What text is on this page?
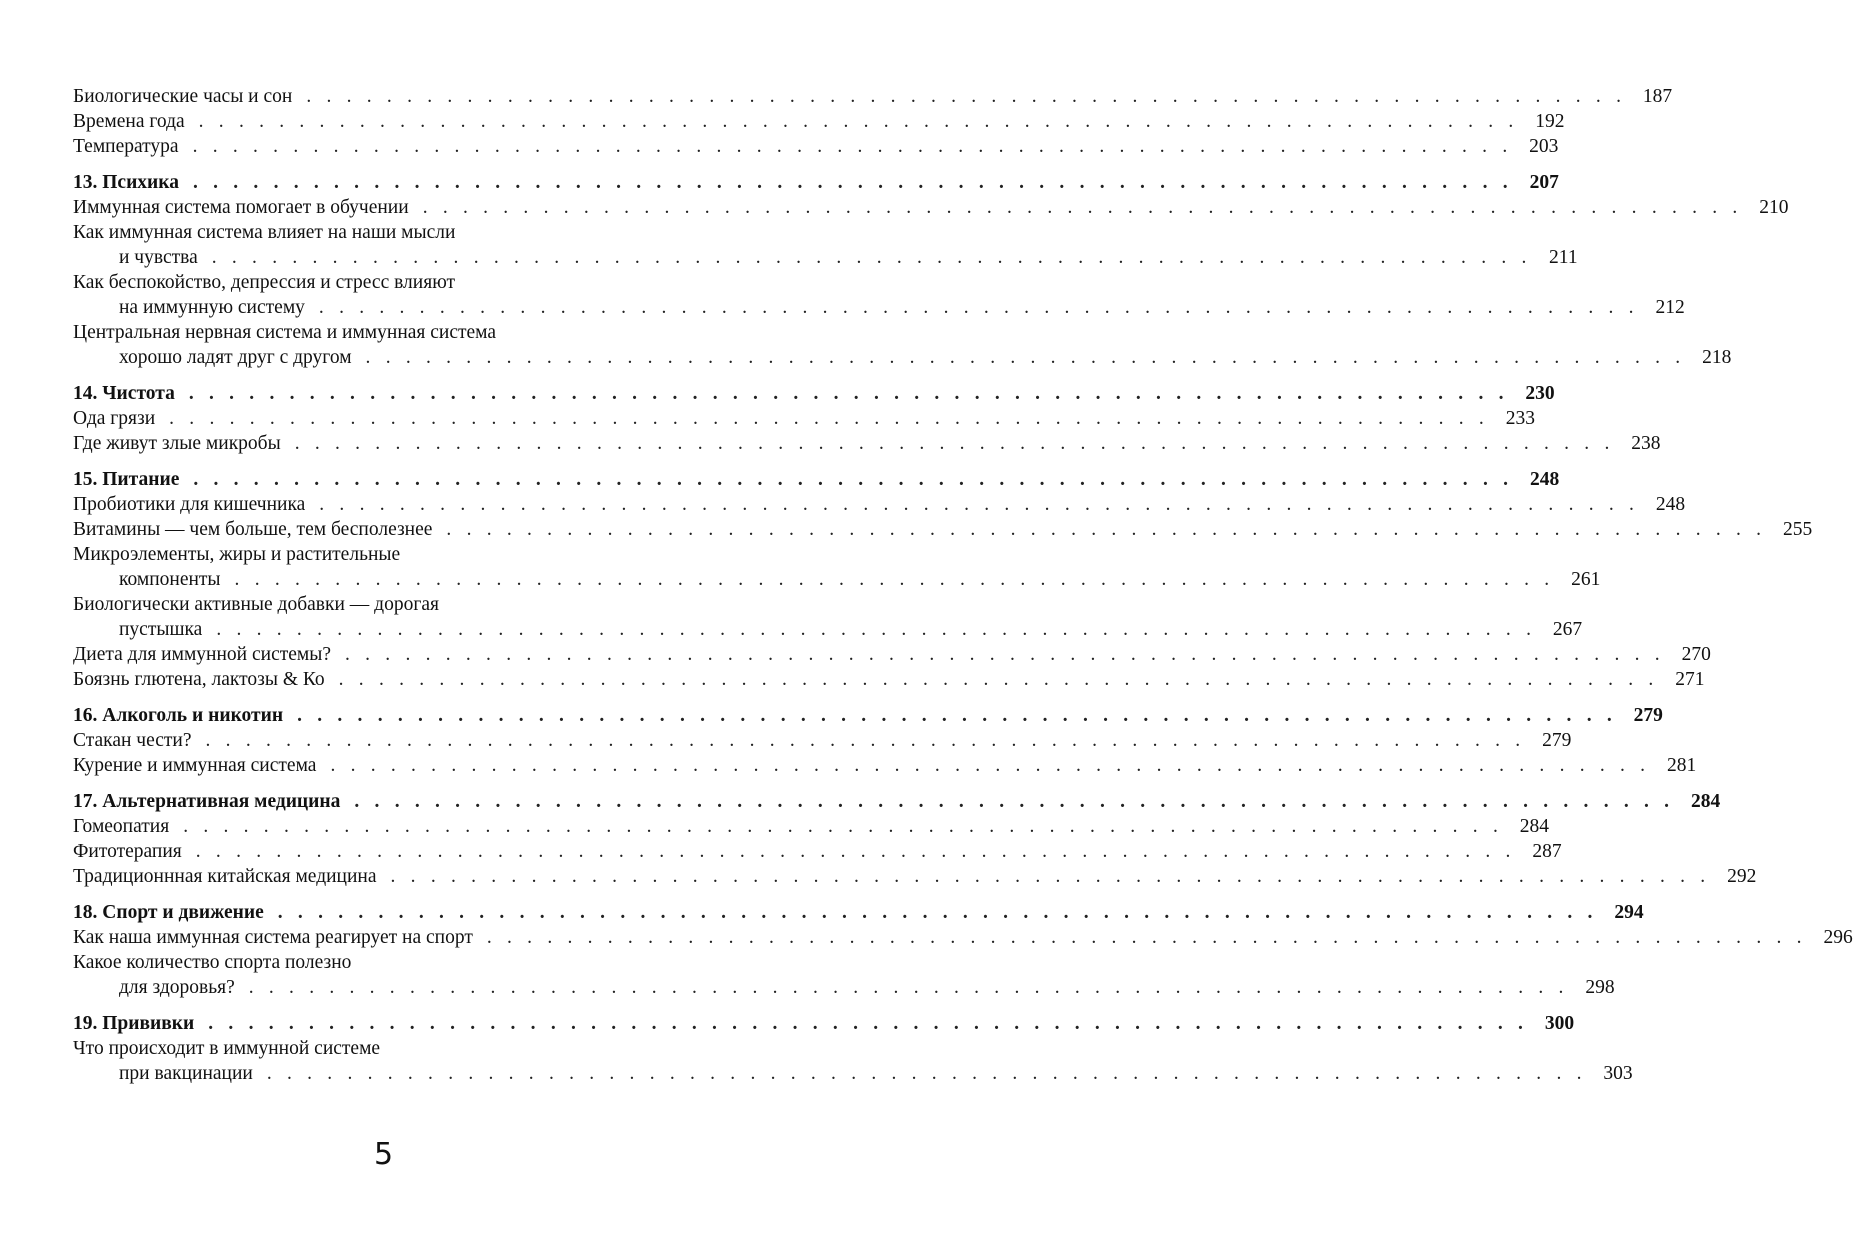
Биологические часы и сон . . . . . . . . . . . . . . . . . . . . . . . . . . . . . . . . . . . . . . . . . . . . . . . . . . . . . . . . . . . . . . . . . . 187
Времена года . . . . . . . . . . . . . . . . . . . . . . . . . . . . . . . . . . . . . . . . . . . . . . . . . . . . . . . . . . . . . . . . . . 192
Температура . . . . . . . . . . . . . . . . . . . . . . . . . . . . . . . . . . . . . . . . . . . . . . . . . . . . . . . . . . . . . . . . . . 203
13. Психика . . . . . . . . . . . . . . . . . . . . . . . . . . . . . . . . . . . . . . . . . . . . . . . . . . . . . . . . . . . . . . . . . . 207
Иммунная система помогает в обучении . . . . . . . . . . . . . . . . . . . . . . . . . . . . . . . . . . . . . . . . . . . . . . . . . . . . . . . . . . . . . . . . . . 210
Как иммунная система влияет на наши мысли
и чувства . . . . . . . . . . . . . . . . . . . . . . . . . . . . . . . . . . . . . . . . . . . . . . . . . . . . . . . . . . . . . . . . . . 211
Как беспокойство, депрессия и стресс влияют
на иммунную систему . . . . . . . . . . . . . . . . . . . . . . . . . . . . . . . . . . . . . . . . . . . . . . . . . . . . . . . . . . . . . . . . . . 212
Центральная нервная система и иммунная система
хорошо ладят друг с другом . . . . . . . . . . . . . . . . . . . . . . . . . . . . . . . . . . . . . . . . . . . . . . . . . . . . . . . . . . . . . . . . . . 218
14. Чистота . . . . . . . . . . . . . . . . . . . . . . . . . . . . . . . . . . . . . . . . . . . . . . . . . . . . . . . . . . . . . . . . . . 230
Ода грязи . . . . . . . . . . . . . . . . . . . . . . . . . . . . . . . . . . . . . . . . . . . . . . . . . . . . . . . . . . . . . . . . . . 233
Где живут злые микробы . . . . . . . . . . . . . . . . . . . . . . . . . . . . . . . . . . . . . . . . . . . . . . . . . . . . . . . . . . . . . . . . . . 238
15. Питание . . . . . . . . . . . . . . . . . . . . . . . . . . . . . . . . . . . . . . . . . . . . . . . . . . . . . . . . . . . . . . . . . . 248
Пробиотики для кишечника . . . . . . . . . . . . . . . . . . . . . . . . . . . . . . . . . . . . . . . . . . . . . . . . . . . . . . . . . . . . . . . . . . 248
Витамины — чем больше, тем бесполезнее . . . . . . . . . . . . . . . . . . . . . . . . . . . . . . . . . . . . . . . . . . . . . . . . . . . . . . . . . . . . . . . . . . 255
Микроэлементы, жиры и растительные
компоненты . . . . . . . . . . . . . . . . . . . . . . . . . . . . . . . . . . . . . . . . . . . . . . . . . . . . . . . . . . . . . . . . . . 261
Биологически активные добавки — дорогая
пустышка . . . . . . . . . . . . . . . . . . . . . . . . . . . . . . . . . . . . . . . . . . . . . . . . . . . . . . . . . . . . . . . . . . 267
Диета для иммунной системы? . . . . . . . . . . . . . . . . . . . . . . . . . . . . . . . . . . . . . . . . . . . . . . . . . . . . . . . . . . . . . . . . . . 270
Боязнь глютена, лактозы & Ко . . . . . . . . . . . . . . . . . . . . . . . . . . . . . . . . . . . . . . . . . . . . . . . . . . . . . . . . . . . . . . . . . . 271
16. Алкоголь и никотин . . . . . . . . . . . . . . . . . . . . . . . . . . . . . . . . . . . . . . . . . . . . . . . . . . . . . . . . . . . . . . . . . . 279
Стакан чести? . . . . . . . . . . . . . . . . . . . . . . . . . . . . . . . . . . . . . . . . . . . . . . . . . . . . . . . . . . . . . . . . . . 279
Курение и иммунная система . . . . . . . . . . . . . . . . . . . . . . . . . . . . . . . . . . . . . . . . . . . . . . . . . . . . . . . . . . . . . . . . . . 281
17. Альтернативная медицина . . . . . . . . . . . . . . . . . . . . . . . . . . . . . . . . . . . . . . . . . . . . . . . . . . . . . . . . . . . . . . . . . . 284
Гомеопатия . . . . . . . . . . . . . . . . . . . . . . . . . . . . . . . . . . . . . . . . . . . . . . . . . . . . . . . . . . . . . . . . . . 284
Фитотерапия . . . . . . . . . . . . . . . . . . . . . . . . . . . . . . . . . . . . . . . . . . . . . . . . . . . . . . . . . . . . . . . . . . 287
Традиционнная китайская медицина . . . . . . . . . . . . . . . . . . . . . . . . . . . . . . . . . . . . . . . . . . . . . . . . . . . . . . . . . . . . . . . . . . 292
18. Спорт и движение . . . . . . . . . . . . . . . . . . . . . . . . . . . . . . . . . . . . . . . . . . . . . . . . . . . . . . . . . . . . . . . . . . 294
Как наша иммунная система реагирует на спорт . . . . . . . . . . . . . . . . . . . . . . . . . . . . . . . . . . . . . . . . . . . . . . . . . . . . . . . . . . . . . . . . . . 296
Какое количество спорта полезно
для здоровья? . . . . . . . . . . . . . . . . . . . . . . . . . . . . . . . . . . . . . . . . . . . . . . . . . . . . . . . . . . . . . . . . . . 298
19. Прививки . . . . . . . . . . . . . . . . . . . . . . . . . . . . . . . . . . . . . . . . . . . . . . . . . . . . . . . . . . . . . . . . . . 300
Что происходит в иммунной системе
при вакцинации . . . . . . . . . . . . . . . . . . . . . . . . . . . . . . . . . . . . . . . . . . . . . . . . . . . . . . . . . . . . . . . . . . 303
5
